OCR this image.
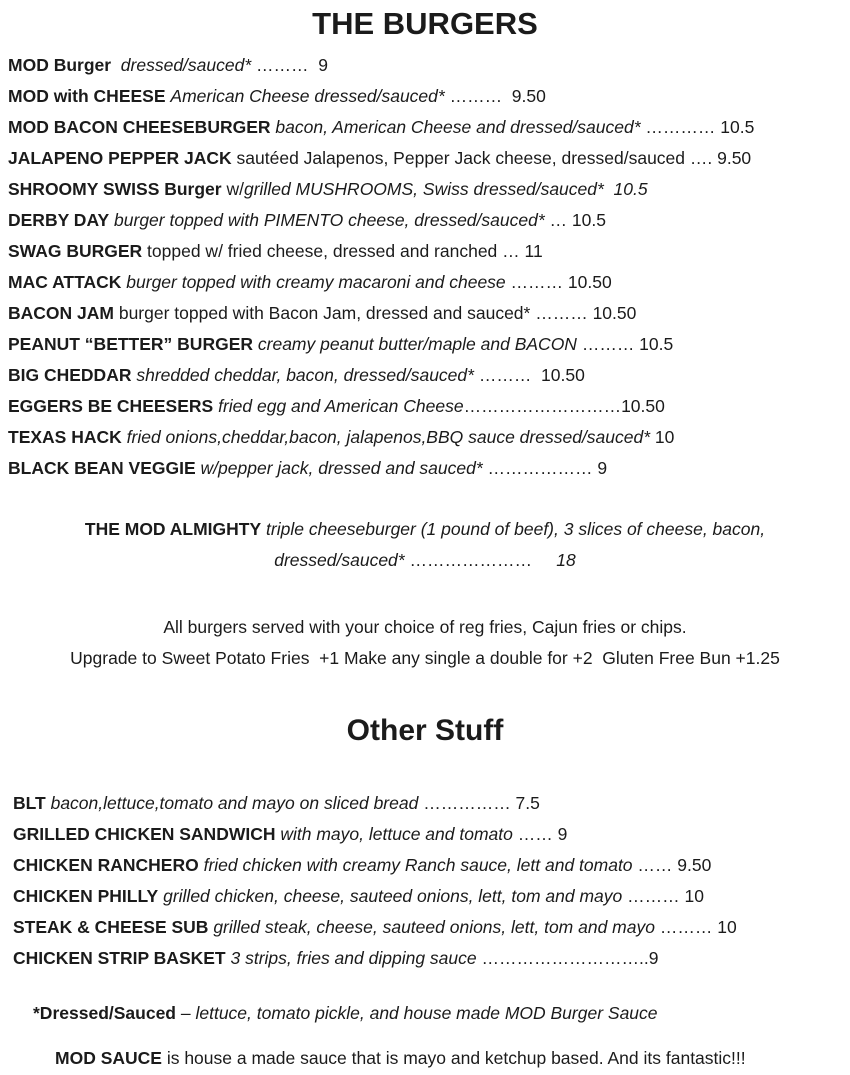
THE BURGERS
MOD Burger dressed/sauced* ………  9
MOD with CHEESE American Cheese dressed/sauced* ………  9.50
MOD BACON CHEESEBURGER bacon, American Cheese and dressed/sauced* ………… 10.5
JALAPENO PEPPER JACK sautéed Jalapenos, Pepper Jack cheese, dressed/sauced …. 9.50
SHROOMY SWISS Burger w/grilled MUSHROOMS, Swiss dressed/sauced*  10.5
DERBY DAY burger topped with PIMENTO cheese, dressed/sauced* … 10.5
SWAG BURGER topped w/ fried cheese, dressed and ranched … 11
MAC ATTACK burger topped with creamy macaroni and cheese ……… 10.50
BACON JAM burger topped with Bacon Jam, dressed and sauced* ……… 10.50
PEANUT “BETTER” BURGER creamy peanut butter/maple and BACON ……… 10.5
BIG CHEDDAR shredded cheddar, bacon, dressed/sauced* ………  10.50
EGGERS BE CHEESERS fried egg and American Cheese………………………10.50
TEXAS HACK fried onions,cheddar,bacon, jalapenos,BBQ sauce dressed/sauced* 10
BLACK BEAN VEGGIE w/pepper jack, dressed and sauced* ……………… 9
THE MOD ALMIGHTY triple cheeseburger (1 pound of beef), 3 slices of cheese, bacon,
dressed/sauced* …………………     18
All burgers served with your choice of reg fries, Cajun fries or chips.
Upgrade to Sweet Potato Fries  +1 Make any single a double for +2  Gluten Free Bun +1.25
Other Stuff
BLT bacon,lettuce,tomato and mayo on sliced bread …………… 7.5
GRILLED CHICKEN SANDWICH with mayo, lettuce and tomato …… 9
CHICKEN RANCHERO fried chicken with creamy Ranch sauce, lett and tomato …… 9.50
CHICKEN PHILLY grilled chicken, cheese, sauteed onions, lett, tom and mayo ……… 10
STEAK & CHEESE SUB grilled steak, cheese, sauteed onions, lett, tom and mayo ……… 10
CHICKEN STRIP BASKET 3 strips, fries and dipping sauce ………………………..9
*Dressed/Sauced – lettuce, tomato pickle, and house made MOD Burger Sauce
MOD SAUCE is house a made sauce that is mayo and ketchup based. And its fantastic!!!
